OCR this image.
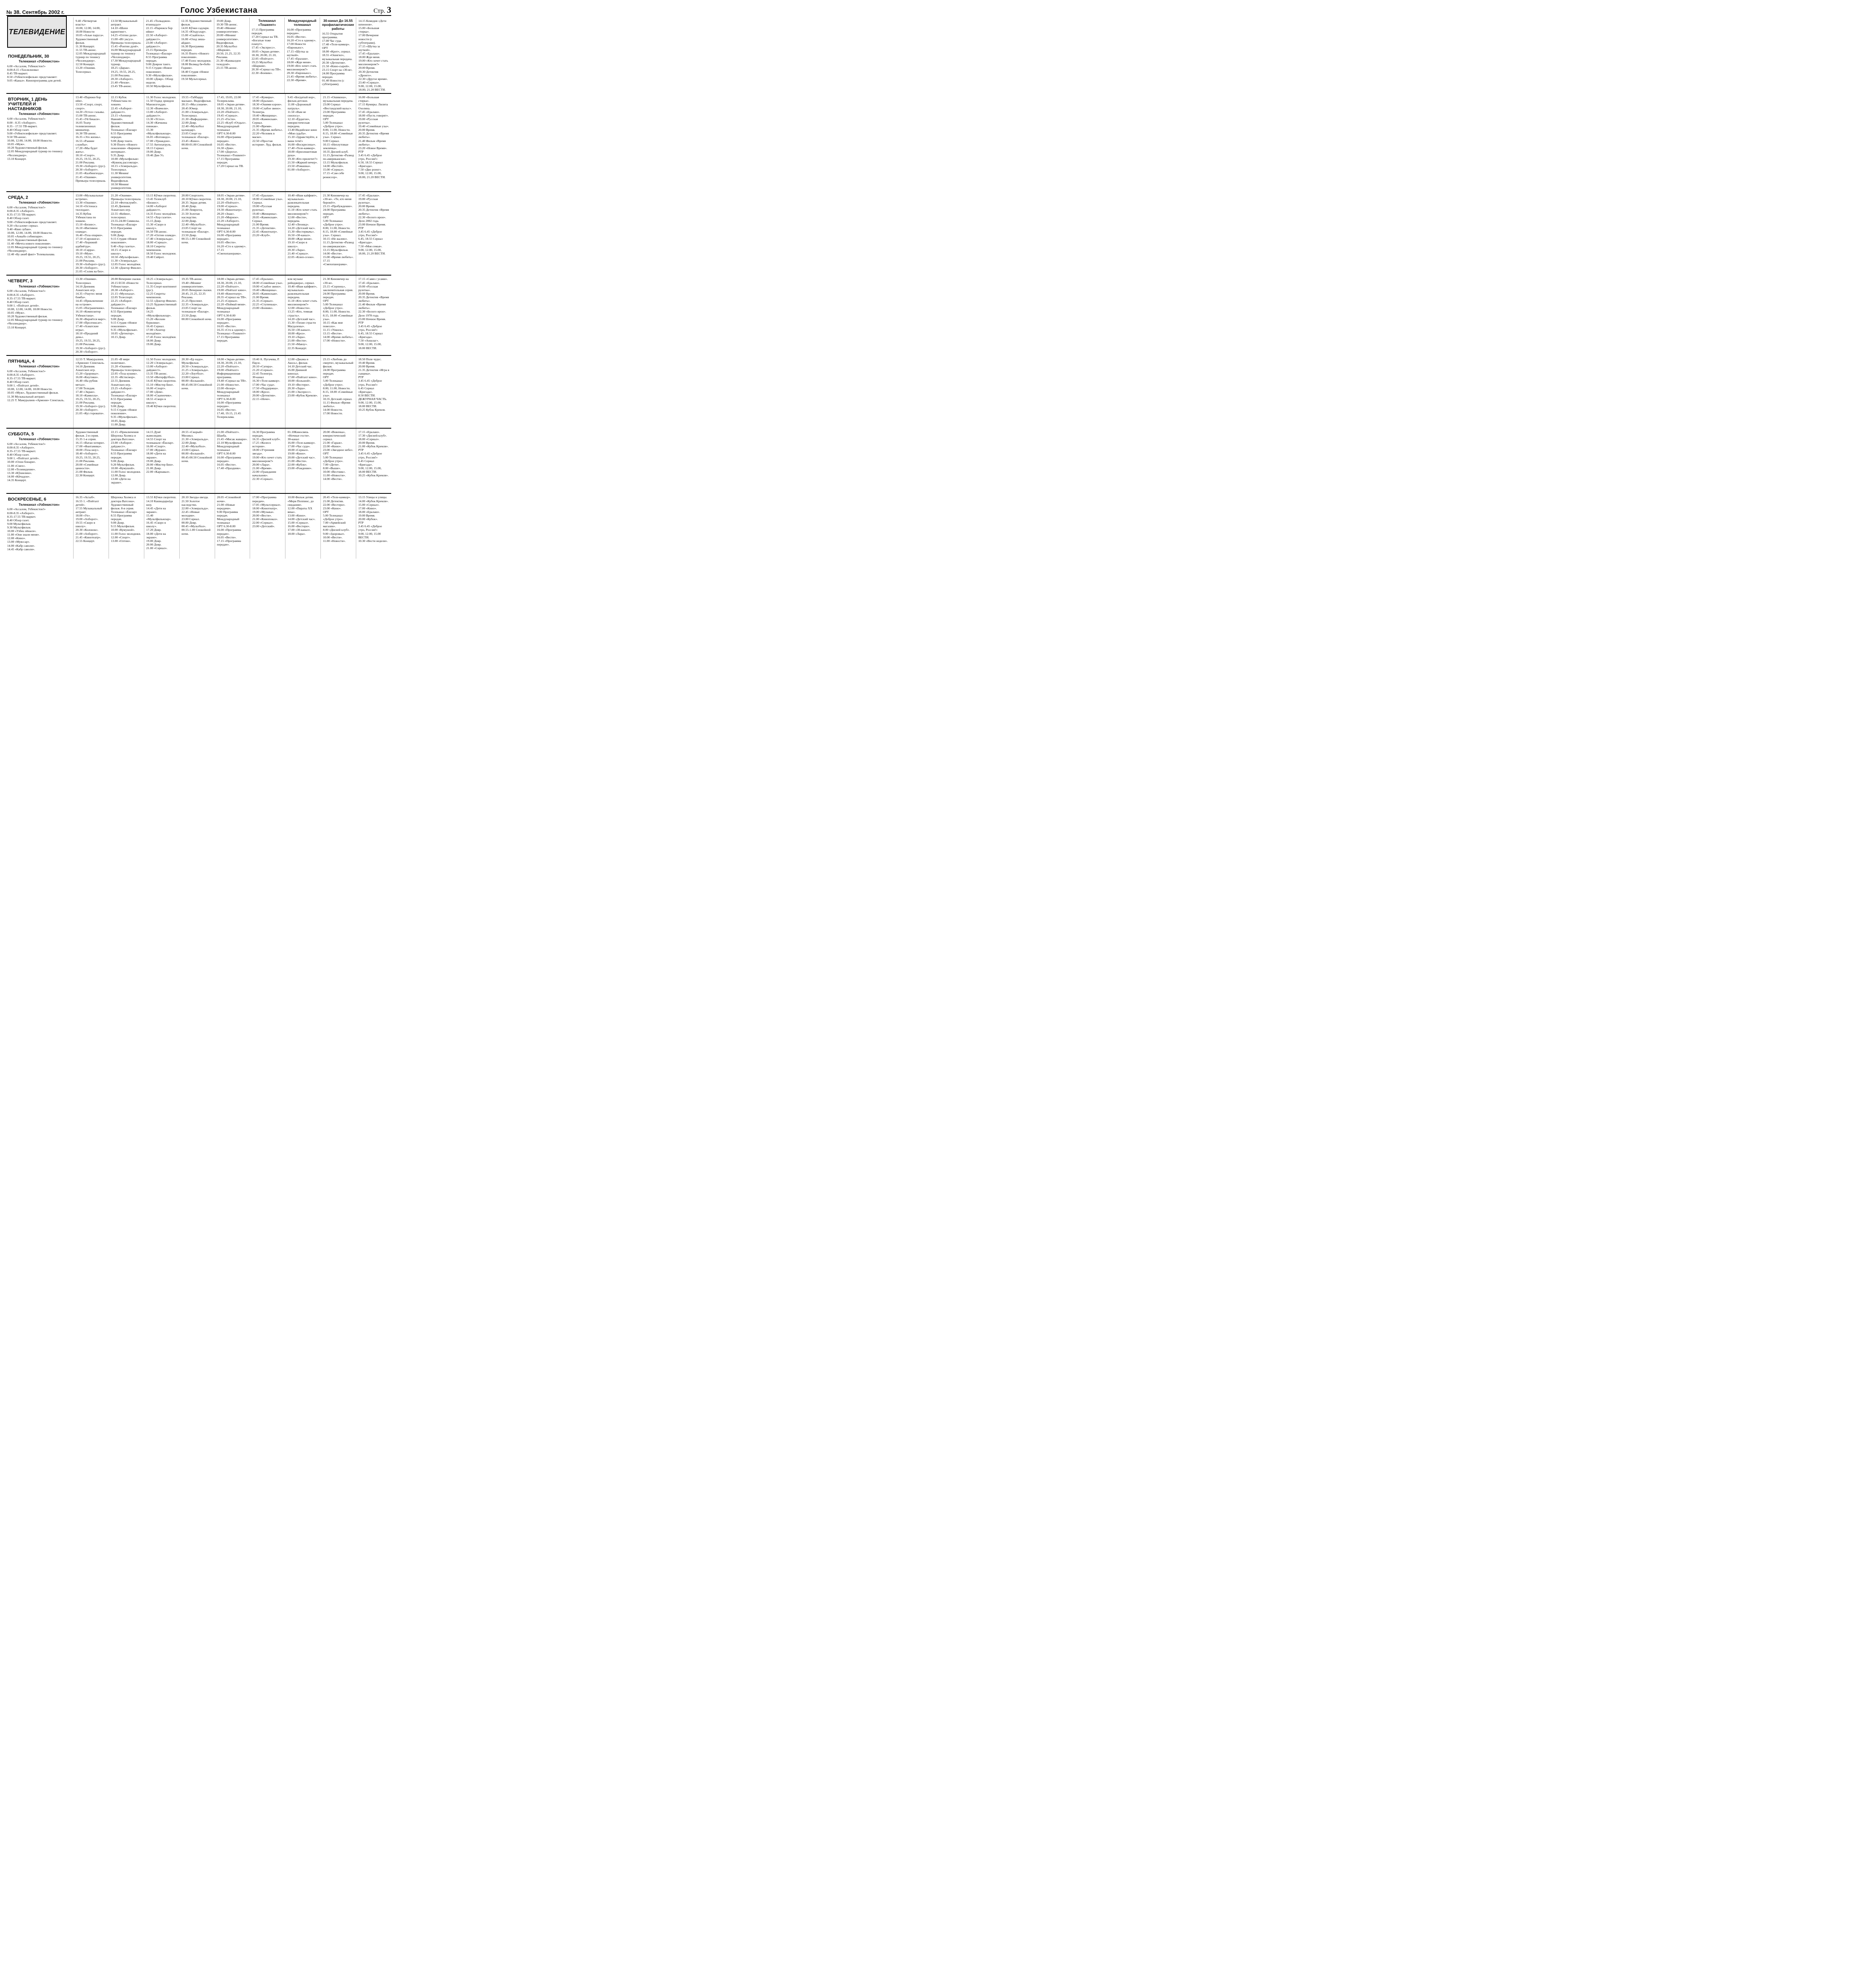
№ 38. Сентябрь 2002 г.	Голос Узбекистана	Стр. 3
ТЕЛЕВИДЕНИЕ
ПОНЕДЕЛЬНИК, 30
Телеканал «Узбекистон»
6.00 «Ассалом, Узбекистон!»
8.00-8.15 «Тахлилнома»
8.45 ТВ-маркет.
8.50 «Узбектелефильм» представляет:
9.05 «Канал». Кинопрограмма для детей.
9.40 «Четвертая власть»
10.00, 12.00, 14.00, 18.00 Новости
10.05 «Алые паруса». Художественный фильм.
11.30 Концерт.
11.55 ТВ-анонс.
12.05 Международный турнир по теннису «Челленджер».
12.50 Концерт.
13.20 «Ошими. Телесериал.
13.50 Музыкальный антракт.
14.10 «Шахи кариптинг».
14.25 «Олтин дала».
15.00 «Ит уксуз». Премьера телесериала.
15.45 «Ронтин дунё».
16.00 Международный турнир по теннису «Челленджер».
17.30 Международный турнир.
18.25 «Дарак».
19.25, 19.55, 20.25, 21.00 Реклама.
20.30 «Ахборот».
21.40 «Чехов».
23.45 ТВ-анонс.
21.45 «Толкаджон-ятаннадал»
22.15 «Парижск бор ийнн»
22.50 «Ахборот-дайджест».
23.00 «Ахборот-дайджест».
23.15 Премьера.
Телеканал «Ёшлар»
8.55 Программа передач.
9.00 Доврон танго.
9.15 Студия «Новое поколение».
9.30 «Мультфильм».
10.00 «Довр». Обзор недели.
10.50 Мультфильм.
12.35 Художественный фильм.
14.05 Кўчки садлари.
14.35 «Юлдузлар».
15.00 «Скайтель».
16.00 «Озод зиша-айдан».
16.30 Программа передач.
16.35 Понто «Нового поколения».
17.40 Голос молодежи.
18.00 Велмад бе«бобо Годиев».
18.40 Студия «Новое поколения».
19.50 Мультсериал.
19.00 Довр.
19.30 ТВ-анонс.
19.40 «Менинг университетим».
20.00 «Менинг университетим». Видеофильм.
20.35 Мультбол «Шаркия».
20.50, 21.25, 22.35 Реклама.
21.30 «Кашкалдон теледунё».
23.15 ТВ-анонс.
Телеканал «Тошкент»
17.15 Программа передач.
17.20 Сериал на ТВ. «Богатые тоже плачут».
17.45 «Экспресс».
18.05 «Экран-детям».
18.30, 20.00, 21.10, 22.05 «Пойтахт».
19.25 Мультбол «Шаркия».
20.30 «Сериал на ТВ».
22.30 «Боевик».
Международный телеканал
16.00 «Программа передач».
16.05 «Вести».
16.20 «Сто к одному».
17.00 Новости «Евроньюс».
17.15 «Шутка за шуткой».
17.45 «Ералаш».
18.00 «Жди меня».
19.00 «Кто хочет стать миллионером?»
20.30 «Евроньюс».
21.45 «Время любить».
22.30 «Время».
30-канал До 16.55 профилактические работы
16.55 Открытие программы.
17.00 Час суда.
17.40 «Теле-камкор».
ОРТ
18.00 «Крот», сериал.
18.55 «Ошигил», музыкальная передача.
20.30 «Детектив».
21.50 «Кино-сырой».
23.15 Спорт на «30-м».
24.00 Программа передач.
01.40 Новости (с субтитрами).
14.15 Комедия «Дети шпионов».
15.00 «Большая стирка».
17.00 Вечерние новости (с субтитрами).
17.15 «Шутка за шуткой».
17.45 «Ералаш».
18.00 Жди меня.
19.00 «Кто хочет стать миллионером?»
20.00 Время.
20.30 Детектив «Дронго».
22.30 «Другое время».
23.40 «Сериал».
9.00, 12.00, 15.00, 18.00, 21.20 ВЕСТИ.
ВТОРНИК, 1 ДЕНЬ УЧИТЕЛЕЙ И НАСТАВНИКОВ
Телеканал «Узбекистон»
6.00 «Ассалом, Узбекистон!»
8.00 - 8.35 «Ахборот».
8.35 - 17.55 ТВ-маркет.
8.40 Обзор газет.
9.00 «Узбектелефильм» представляет.
9.50 ТВ-анонс.
10.00, 12.00, 14.00, 18.00 Новости.
10.05 «Муж».
10.20 Художественный фильм.
12.05 Международный турнир по теннису «Челленджер».
13.10 Концерт.
13.40 «Парижи бор ийи».
13.50 «Спорт, спорт, спорт».
14.20 «Устоз» газьмы.
15.00 ТВ-анонс.
15.45 «Уй бекаси».
16.05 Театр телевизионных миниатюр.
16.30 ТВ-анонс.
16.35 «Это жизнь».
16.55 «Ранние службы».
17.20 «Мы будет жить».
18.10 «Спорт».
19.25, 19.55, 20.25, 21.00 Реклама.
19.30 «Ахборот» (рус).
20.30 «Ахборот».
21.05 «Калбингизда».
21.45 «Ошими». Премьера телесериала.
22.15 Кубок Узбекистана по хоккею.
22.45 «Ахборот-дайджест».
23.15 «Анишер Навоий». Художественный фильм.
Телеканал «Ёшлар»
8.55 Программа передач.
9.00 Довр тонги.
9.30 Понто «Нового поколения» «Биринчи интервью».
9.35 Довр.
10.00 «Мультфильм» «Кувноқ рассомлар».
10.15 «Эсмеральда». Телесериал.
11.30 Менинг университетим. Видеофильм.
10.50 Менинг университетим.
11.30 Голос молодежи.
11.50 Оздид эрнидон Манзилгоҳдан.
12.30 «Вовчели».
13.00 «Ахборот-дайджест».
13.30 «Устоз».
14.30 «Кичкина пинжак».
15.30 «Мультфильмлар».
16.05 «Фотовидо».
17.00 «Урнакдон».
17.55 Автопатруль.
18.15 Сериал.
19.00 Довр.
19.40 Дни Уз.
19.55 «Таббарру маскан». Видеофильм.
20.15 «Мы узнаем».
20.45 Юмор.
21.00 «Эсмеральда». Телесериал.
21.30 «Вафодорим».
22.00 Довр.
22.40 «Мультбол қаландар».
23.05 Спорт на телеканале «Ёшлар».
23.45 «Кино».
00.00-01.00 Спокойной ночи.
17.45, 19.05, 22.00 Телереклама.
18.05 «Экран-детям».
18.30, 20.00, 21.10, 22.20 «Пойтахт».
19.45 «Сериал».
21.25 «Гости».
22.25 «Клуб «Отдых».
Международный телеканал
ОРТ 6.30-8.00
16.00 «Программа передач».
16.05 «Вести».
16.30 «Дом».
17.00 «Дорога».
Телеканал «Тошкент»
17.15 Программа передач.
17.20 Сериал на ТВ.
17.45 «Кумиры».
18.00 «Ералаш».
18.30 «Ошими кэрон».
19.00 «Слабое звено». Телеигра.
19.40 «Женщины».
20.05 «Каменская». Сериал.
21.00 «Время».
21.35 «Время любить».
22.20 «Человек в маске».
22.50 «Простая история». Худ. фильм.
9.45 «Богдатый вор», фильм-детское.
11.00 «Дорожный патруль».
11.50 «Вам не снилось».
12.10 «Ёрдагон», юмористическая передача.
13.40 Индийское кино «Моя судьба».
15.10 «Здравствуйте, я ваша тетя!»
16.00 «Воскресенье».
17.40 «Теле-камкор».
18.00 «Бриллиантовая рука».
19.30 «Кто прилетит?»
21.50 «Жаркий вечер».
23.50 «Ромашка».
01.00 «Ахборот».
21.15 «Ошикона», музыкальная передача.
23.00 Сериал «Вестандский вальс».
23.00 Программа передач.
ОРТ
5.00 Телеканал «Доброе утро».
8.00, 11.00, Новости.
8.15, 18.00 «Семейные узы». Сериал.
9.00 Сериал.
10.15 «Неплутовые землячка».
10.35 Дисней-клуб.
11.15 Детектив «Развод по-американски».
13.15 Мультфильм.
14.00 «Вестей».
15.00 «Сериал».
17.15 «Сам себе режиссер».
16.00 «Большая стирка».
17.15 Кумиры. Лилита Озолина.
17.45 «Ералаш».
18.00 «Пусть говорят».
19.00 «Русская рулетка».
19.40 «Семейные узы».
20.00 Время.
20.35 Детектив «Время любить».
21.40 Фильм «Время любить».
23.20 «Новое Время».
РТР
3.45 6.45 «Доброе утро, Россия!»
6.50, 18.55 Сериал «Бригада».
7.50 «Дво роенг».
9.00, 12.00, 15.00, 18.00, 21.20 ВЕСТИ.
СРЕДА, 2
Телеканал «Узбекистон»
6.00 «Ассалом, Узбекистон!»
8.00-8.35 «Ахборот».
8.35-17.55 ТВ-маркет.
8.40 Обзор газет.
9.00 «Узбектелефильм» представляет.
9.20 «Ассалом» сериал.
9.40 «Квиз зубан».
10.00, 12.00, 14.00, 18.00 Новости.
10.05 «Анкабо собиялари».
10.25 Художественный фильм.
11.40 «Мечта нового поколения».
12.05 Международный турнир по теннису «Челленджер».
12.40 «Бу ажиб факт» Телевальнава.
13.00 «Музыкальные встречи».
13.30 «Ошими».
14.10 «Остонаса тиллодан».
14.35 Кубок Узбекистана по хоккею.
15.10 «Бизнес».
16.10 «Ижтимои оламда».
16.40 «Тоза опарки».
17.10 «Сирожига».
17.40 «Хорижий адабиётда».
18.10 «Сирра».
19.10 «Муж».
19.25, 19.55, 20.25, 21.00 Реклама.
19.30 «Ахборот» (рус).
20.30 «Ахборот».
21.05 «Солик ва биз».
21.20 «Ошими». Премьера телесериала.
22.10 «Фотоклумб».
22.45 Дневник Азиатских игр.
22.55 «Кейин», телесериал.
23.55-24.00 Символы.
Телеканал «Ёшлар»
8.55 Программа передач.
9.00 Довр.
9.15 Студия «Новое поколение».
9.40 «Хор газеты».
10.15 «Скоро в школу».
10.50 «Мультфильм».
11.30 «Эсмеральда».
12.05 Голос молодёжи.
12.30 «Доктор Финли».
13.15 Кўчки скоротеш.
13.45 Телеклуб «Бизнес».
14.00 «Ахборот дайджест».
14.35 Голос молодёжи.
14.55 «Хор газети».
15.15 Довр.
15.30 «Скоро в школу».
16.50 ТВ-анонс.
17.20 «Олтин оламда».
17.40 «Эсмеральда».
18.00 «Сериал».
18.10 Секреты чемпионов.
18.50 Голос молодежи.
19.40 Сийрот.
20.00 Спортлото.
20.10 Кўчки скоротеш.
20.35 Экран детям.
20.40 Довр.
21.00 Лемрогоҳ.
21.50 Золотая наследство.
22.00 Довр.
22.40 «Мультбол».
23.05 Спорт на телеканале «Ёшлар».
23.50 Довр.
00.55-1.00 Спокойной ночи.
18.05 «Экран-детям».
18.30, 20.00, 21.10, 22.20 «Пойтахт».
19.00 «Сериал».
19.30 «Кинотеатр».
20.20 «Знак».
21.20 «Мирное».
22.20 «Ахборот».
Международный телеканал
ОРТ 6.30-8.00
16.00 «Программа передач».
16.05 «Вести».
16.20 «Сто к одному».
17.15 «Смехопанорама».
17.45 «Ералаш».
18.00 «Семейные узы». Сериал.
19.00 «Русская рулетка».
19.40 «Женщины».
20.05 «Каменская». Сериал.
21.00 Время.
21.35 «Детектив».
22.45 «Кинотеатр».
23.20 «Клуб».
10.40 «Иши кайфият», музыкально-развлекательная передача.
11.10 «Кто хочет стать миллионером?»
12.00 «Вести», передача.
12.40 «Леонид».
14.20 «Детский час».
15.30 «Вестермачь».
16.50 «30-канал».
18.00 «Жди меня».
19.10 «Скоро в школу».
20.30 «Лара».
21.40 «Сериал».
22.05 «Клип-сезон».
21.30 Киновечер на «30-м». «Те, кто меня бережёт».
23.15 «Пробуждение».
24.00 Программа передач.
ОРТ
5.00 Телеканал «Доброе утро».
8.00, 11.00, Новости.
8.15, 18.00 «Семейные узы». Сериал.
10.15 «Не жалею».
11.15 Детектив «Развод по-американски».
13.15 Мультфильм.
14.00 «Вести».
15.00 «Время любить».
17.15 «Смехопанорама».
17.45 «Ералаш».
19.00 «Русская рулетка».
20.00 Время.
20.35 Детектив «Время любить».
22.30 «Белого ирон». Дело 2002 года.
23.00 Ночное Время.
РТР
3.45 6.45 «Доброе утро, Россия!»
6.45, 18.55 Сериал «Бригада».
7.50 «Моя семья».
9.00, 12.00, 15.00, 18.00, 21.20 ВЕСТИ.
ЧЕТВЕРГ, 3
Телеканал «Узбекистон»
6.00 «Ассалом, Узбекистон!»
8.00-8.35 «Ахборот».
8.35-17.55 ТВ-маркет.
8.40 Обзор газет.
9.00 1. «Пойтахт детей».
10.00, 12.00, 14.00, 18.00 Новости.
10.05 «Муж».
10.20 Художественный фильм.
12.05 Международный турнир по теннису «Челленджер».
13.10 Концерт.
13.30 «Ошими». Телесериал.
14.10 Дневник Азиатских игр.
14.35 «Ушутес меня бомба».
14.45 «Приключение на острове».
15.05 «Пограничник».
16.10 «Композитор Узбекистана».
16.30 «Вернётся марг».
17.00 «Прозтинсат».
17.40 «Азиатские игры».
18.10 «Проданий день».
19.25, 19.55, 20.25, 21.00 Реклама.
19.30 «Ахборот» (рус).
20.30 «Ахборот».
20.00 Вечерние сказки.
20.15 ЕСН «Новости Узбекистана».
20.30 «Ахборот».
21.15 «Мулохаза».
22.05 Телеспорт.
22.25 «Ахборот-дайджест».
Телеканал «Ёшлар»
8.55 Программа передач.
9.00 Довр.
9.15 Студия «Новое поколение».
9.35 «Мультфильм».
10.05 «Детектор».
10.15 Довр.
10.25 «Эсмеральда». Телесериал.
11.35 Спорт-континент (рус).
12.25 Секреты чемпионов.
12.55 «Доктор Финли».
13.25 Художественный фильм.
14.25 «Мультфильмлар».
15.20 «Кескин бурилиш».
16.45 Сериал.
17.00 «Хонтор молодёжи».
17.45 Голос молодёжи.
18.00 Довр.
19.00 Довр.
19.35 ТВ-анонс.
19.40 «Менинг университетим».
20.05 Вечерние сказки.
20.45, 21.25, 22.35 Реклама.
21.25 Проспект.
22.35 «Эсмеральда».
23.05 Спорт на телеканале «Ёшлар».
23.50 Довр.
00.00 Спокойной ночи.
18.00 «Экран-детям».
18.30, 20.00, 21.10, 22.20 «Пойтахт».
19.00 «Пойтахт кино».
19.40 «Кинотеатр».
20.35 «Сериал на ТВ».
21.25 «Сериал».
22.20 «Поймай меня».
Международный телеканал
ОРТ 6.30-8.00
16.00 «Программа передач».
16.05 «Вести».
16.35 «Сто к одному».
Телеканал «Тошкент»
17.15 Программа передач.
17.45 «Ералаш».
18.00 «Семейные узы».
19.00 «Слабое звено».
19.40 «Женщины».
20.05 «Каменская».
21.00 Время.
21.35 «Сериал».
22.25 «Ступенька».
23.00 «Боевик».
или музыке рейнджера», сериал.
10.40 «Иши кайфият», музыкально-развлекательная передача.
11.10 «Кто хочет стать миллионером?»
12.00 «Новости».
13.25 «Кто, темная страсть».
14.20 «Детский час».
15.30 «Тихие страсти Магдалены».
16.50 «30-канал».
18.00 «Кроз».
19.10 «Лара».
21.00 «Вести».
21.50 «Мавзу».
22.35 Концерт.
21.30 Киновечер на «30-м».
23.15 «Серпень», заключительная серия.
24.00 Программа передач.
ОРТ
5.00 Телеканал «Доброе утро».
8.00, 11.00, Новости.
8.15, 18.00 «Семейные узы».
10.15 «Как мне повезло».
11.15 «Уикиль».
13.15 «Вести».
14.00 «Время любить».
17.00 «Новости».
17.15 «Сами с усами».
17.45 «Ералаш».
19.00 «Русская рулетка».
20.00 Время.
20.35 Детектив «Время любить».
21.40 Фильм «Время любить».
22.30 «Белого ирон». Дело 1978 года.
23.00 Ночное Время.
РТР
3.45 6.45 «Доброе утро, Россия!»
6.45, 18.55 Сериал «Бригада».
7.50 «Аншлаг».
9.00, 12.00, 15.00, 18.00 ВЕСТИ.
ПЯТНИЦА, 4
Телеканал «Узбекистон»
6.00 «Ассалом, Узбекистон!»
8.00-8.35 «Ахборот».
8.35-17.55 ТВ-маркет.
8.40 Обзор газет.
9.00 1. «Пойтахт детей».
10.00, 12.00, 14.00, 18.00 Новости.
10.05 «Муж», Художественный фильм.
11.30 Музыкальный антракт.
12.25 Т. Мамуралиев «Армони» Спектакль.
12.55 Т. Мамуралиев. «Армони» Спектакль.
14.10 Дневник Азиатских игр.
15.20 «Здоровье».
16.00 «Кнутики».
16.40 «На рубиж метал».
17.00 Теледам.
17.40 «Экран».
18.10 «Камилла».
19.25, 19.55, 20.25, 21.00 Реклама.
19.30 «Ахборот» (рус).
20.30 «Ахборот».
21.05 «Куз торовати».
21.05 «В мире политики».
21.20 «Ошими». Премьера телесериала.
22.05 «Тоза кушик».
22.35 «Истисмор».
22.55 Дневник Азиатских игр.
23.25 «Ахборот-дайджест».
Телеканал «Ёшлар»
8.55 Программа передач.
9.00 Довр.
9.15 Студия «Новое поколение».
9.35 «Мультфильм».
10.05 Довр.
11.00 Довр.
11.50 Голос молодежи.
12.20 «Эсмеральда».
13.00 «Ахборот-дайджест».
13.35 ТВ-анонс.
13.50 «Интерфутбол».
14.45 Кўчки скоротеш.
15.10 «Мистер Бин».
16.00 «Спорт».
17.00 «Дом».
18.00 «Скапенчик».
18.55 «Скоро в школу».
19.40 Кўчки скоротеш.
20.30 «Ер надо». Мультфильм.
20.50 «Эсмеральда».
21.25 «Эсмеральда».
22.20 «Лоутбол».
23.00 Сериал.
00.00 «Большой».
00.45-00.50 Спокойной ночи.
18.00 «Экран-детям».
18.30, 20.00, 21.10, 22.20 «Пойтахт».
19.00 «Пойтахт» Информационная программа.
19.40 «Сериал на ТВ».
21.00 «Новости».
22.00 «Бозор».
Международный телеканал
ОРТ 6.30-8.00
16.00 «Программа передач».
16.05 «Вести».
17.40, 19.15, 21.45 Телереклама.
19.40 А. Пугачева, Р. Паулс.
20.10 «Сатира».
21.20 «Сериал».
22.45 Телеигра.
30-канал
16.30 «Теле-камкор».
17.00 «Час суда».
17.50 «Поддержка».
18.00 «Кроз».
20.00 «Детектив».
22.15 «Ноче».
12.00 «Джама и Акось», фильм.
14.10 Детский час.
16.00 Дневной кинозал.
17.00 «Пойтахт кино».
18.00 «Большой».
19.10 «Вестерн».
20.30 «Лара».
21.00 «Экспресс».
23.00 «Кубок Кремля».
23.15 «Любовь до смерти», музыкальный фильм.
24.00 Программа передач.
ОРТ
5.00 Телеканал «Доброе утро».
8.00, 11.00, Новости.
8.15, 18.00 «Семейные узы».
10.35 Детский сериал.
11.15 Фильм «Время любить».
14.00 Новости.
17.00 Новости.
18.50 Поле чудес.
19.40 Время.
20.00 Время.
21.35 Детектив «Игра в сыщика».
РТР
3.45 6.45 «Доброе утро, Россия!»
6.45 Сериал «Бригада».
8.50 ВЕСТИ. ДЕЖУРНАЯ ЧАСТЬ.
9.00, 12.00, 15.00, 18.00 ВЕСТИ.
10.25 Кубок Кремля.
СУББОТА, 5
Телеканал «Узбекистон»
6.00 «Ассалом, Узбекистон!»
8.00-8.35 «Ахборот».
8.35-17.55 ТВ-маркет.
8.40 Обзор газет.
9.00 1. «Пойтахт детей».
10.00 «Олон бонари».
11.00 «Смех».
12.00 «Телевидение».
13.30 «Кўшилиш».
14.00 «Кйчадон».
14.35 Концерт.
Художественный фильм. 2-я серия.
15.35 1-я серия.
16.15 «Ватан хотири».
17.00 «Фантамика».
18.00 «Тоза шоу».
18.40 «Ахборот».
19.25, 19.55, 20.25, 21.00 Реклама.
20.00 «Семейные ценности».
21.00 Фильм.
22.30 Концерт.
22.15 «Приключения Шерлока Холмса и доктора Ватсона».
23.00 «Ахборот-дайджест».
Телеканал «Ёшлар»
8.55 Программа передач.
9.00 Довр.
9.20 Мультфильм.
10.00 «Кумушой».
11.00 Голос молодежи.
12.00 Довр.
13.00 «Дети на экране».
14.15 Дунё жамолидин.
14.55 Спорт на телеканале «Ёшлар».
16.00 «Спорт».
17.00 «Кураш».
18.00 «Дети на экране».
19.00 Довр.
20.00 «Мистер Бин».
21.00 Довр.
22.00 «Карнавал».
20.55 «Скорый» Мюзикл.
21.30 «Эсмеральда».
22.00 Довр.
22.40 «Мультбол».
23.00 Сериал.
00.00 «Большой».
00.45-00.50 Спокойной ночи.
21.00 «Пойтахт». Шанба.
21.45 «Мисак жавари».
22.10 Мультфильм.
Международный телеканал
ОРТ 6.30-8.00
16.00 «Программа передач».
16.05 «Вести».
17.40 «Праздник».
16.30 Программа передач.
16.35 «Дисней клуб».
17.25 «Колесо истории».
18.00 «Утренняя звезда».
19.00 «Кто хочет стать миллионером?»
20.00 «Лара».
21.00 «Время».
22.00 «Гражданин начальник».
22.30 «Сериал».
01.10Киносвязь «Ночные гости».
30-канал
16.00 «Теле-камкор».
17.00 «Час суда».
18.00 «Сериал».
19.00 «Кино».
20.00 «Детский час».
21.00 «Вести».
22.00 «Кубок».
23.00 «Рождение».
20.00 «Вовочка», юмористический сериал.
21.00 «Гараж».
22.00 «Кино».
23.00 «Звездное небо».
ОРТ
5.00 Телеканал «Доброе утро».
7.00 «Дети».
8.00 «Выше».
10.00 «Вестник».
11.00 «Новости».
14.00 «Вести».
17.15 «Ералаш».
17.30 «Дисней-клуб».
18.00 «Сериал».
20.00 Время.
21.00 «Кубок Кремля».
РТР
3.45 6.45 «Доброе утро, Россия!»
6.45 Сериал «Бригада».
9.00, 12.00, 15.00, 18.00 ВЕСТИ.
10.25 «Кубок Кремля».
ВОСКРЕСЕНЬЕ, 6
Телеканал «Узбекистон»
6.00 «Ассалом, Узбекистон!»
8.00-8.35 «Ахборот».
8.35-17.55 ТВ-маркет.
8.40 Обзор газет.
9.00 Мультфильм.
9.30 Мультфильм.
10.00 «Узбек ойнаси».
11.00 «Они знали меня».
12.00 «Кино».
13.00 «Муяссар».
14.00 «Кабр саволи».
14.45 «Кабр саволи».
16.35 «Асхаб».
16.55 1. «Пойтахт детей».
17.55 Музыкальный антракт.
18.00 «Ух».
19.00 «Ахборот».
19.55 «Скоро в школу».
20.30 «Колонок».
21.00 «Ахборот».
21.45 «Кинотеатр».
22.55 Концерт.
Шерлока Холмса и доктора Ватсона». Художественный фильм. 8-я серия.
Телеканал «Ёшлар»
8.55 Программа передач.
9.00 Довр.
9.15 Мультфильм.
10.00 «Кумушой».
11.00 Голос молодежи.
12.00 «Спорт».
13.00 «Олтин».
13.55 Кўчки скоротеш.
14.10 Кашкадарьёда шоу.
14.45 «Дети на экране».
15.40 «Мультфильмлар».
16.45 «Скоро в школу».
17.20 Довр.
18.00 «Дети на экране».
19.00 Довр.
20.00 Довр.
21.00 «Сериал».
20.10 Звезды-звезда.
21.50 Золотое наследство.
22.00 «Эсмеральда».
22.45 «Новые мелодии».
23.00 Сериал.
00.00 Довр.
00.45 «Мультбол».
00.55-1.00 Спокойной ночи.
20.05 «Спокойной ночи».
21.00 «Новые передачи».
9.00 Программа передач.
Международный телеканал
ОРТ 6.30-8.00
16.00 «Программа передач».
16.05 «Вести».
17.15 «Программа передач».
17.00 «Программа передач».
17.05 «Мультсериал».
18.00 «Кинотеатр».
19.00 «Музыка».
20.00 «Вести».
21.00 «Кинопоказ».
22.00 «Сериал».
23.00 «Детский».
10.00 Фильм детям. «Мери Поппинс, до свидания».
12.00 «Пираты ХХ века».
13.00 «Кино».
14.00 «Детский час».
15.00 «Сериал».
16.00 «Вестерн».
17.00 «30-канал».
18.00 «Лара».
20.45 «Теле-камкор».
21.00 Детектив.
22.00 «Вестерн».
23.00 «Кино».
ОРТ
5.00 Телеканал «Доброе утро».
7.00 «Армейский магазин».
8.00 «Дисней клуб».
9.00 «Здоровье».
10.00 «Вести».
11.00 «Новости».
13.15 Улицы и улицы.
14.00 «Кубок Кремля».
15.00 «Сериал».
17.00 «Кино».
18.00 «Ералаш».
19.00 Время.
20.00 «Кубок».
РТР
3.45 6.45 «Доброе утро, Россия!»
9.00, 12.00, 15.00 ВЕСТИ.
10.30 «Вести недели».
